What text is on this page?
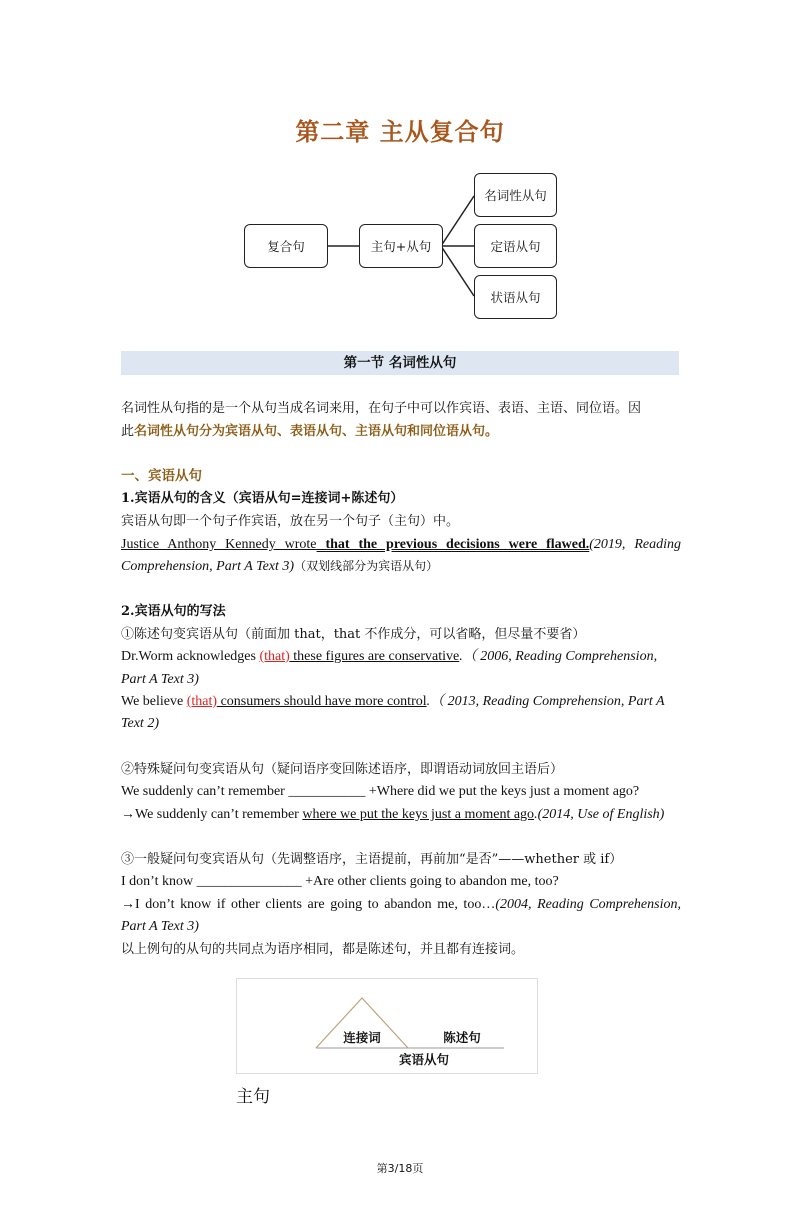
第二章 主从复合句
复合句	主句+从句
名词性从句
定语从句
状语从句
第一节 名词性从句
名词性从句指的是一个从句当成名词来用，在句子中可以作宾语、表语、主语、同位语。因
此名词性从句分为宾语从句、表语从句、主语从句和同位语从句。
一、宾语从句
1.宾语从句的含义（宾语从句=连接词+陈述句）
宾语从句即一个句子作宾语，放在另一个句子（主句）中。
Justice Anthony Kennedy wrote that the previous decisions were flawed.(2019, Reading
Comprehension, Part A Text 3)（双划线部分为宾语从句）
2.宾语从句的写法
①陈述句变宾语从句（前面加 that，that 不作成分，可以省略，但尽量不要省）
Dr.Worm acknowledges (that) these figures are conservative.（ 2006, Reading Comprehension,
Part A Text 3)
We believe (that) consumers should have more control.（ 2013, Reading Comprehension, Part A
Text 2)
②特殊疑问句变宾语从句（疑问语序变回陈述语序，即谓语动词放回主语后）
We suddenly can’t remember ___________ +Where did we put the keys just a moment ago?
→We suddenly can’t remember where we put the keys just a moment ago.(2014, Use of English)
③一般疑问句变宾语从句（先调整语序，主语提前，再前加“是否”——whether 或 if）
I don’t know _______________ +Are other clients going to abandon me, too?
→I don’t know if other clients are going to abandon me, too…(2004, Reading Comprehension,
Part A Text 3)
以上例句的从句的共同点为语序相同，都是陈述句，并且都有连接词。
连接词	陈述句
宾语从句
主句
第3/18页
